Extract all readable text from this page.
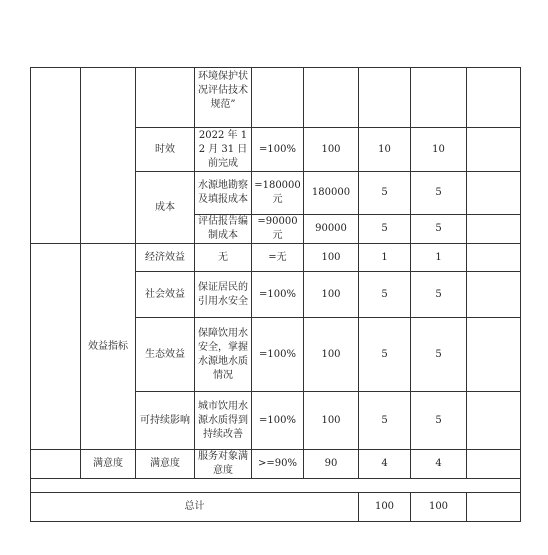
			环境保护状况评估技术规范”					
		时效	2022 年 12 月 31 日前完成	=100%	100	10	10	
		成本	水源地勘察及填报成本	=180000 元	180000	5	5	
			评估报告编制成本	=90000 元	90000	5	5	
	效益指标	经济效益	无	=无	100	1	1	
		社会效益	保证居民的引用水安全	=100%	100	5	5	
		生态效益	保障饮用水安全，掌握水源地水质情况	=100%	100	5	5	
		可持续影响	城市饮用水源水质得到持续改善	=100%	100	5	5	
	满意度	满意度	服务对象满意度	>=90%	90	4	4	

总计						100	100	
